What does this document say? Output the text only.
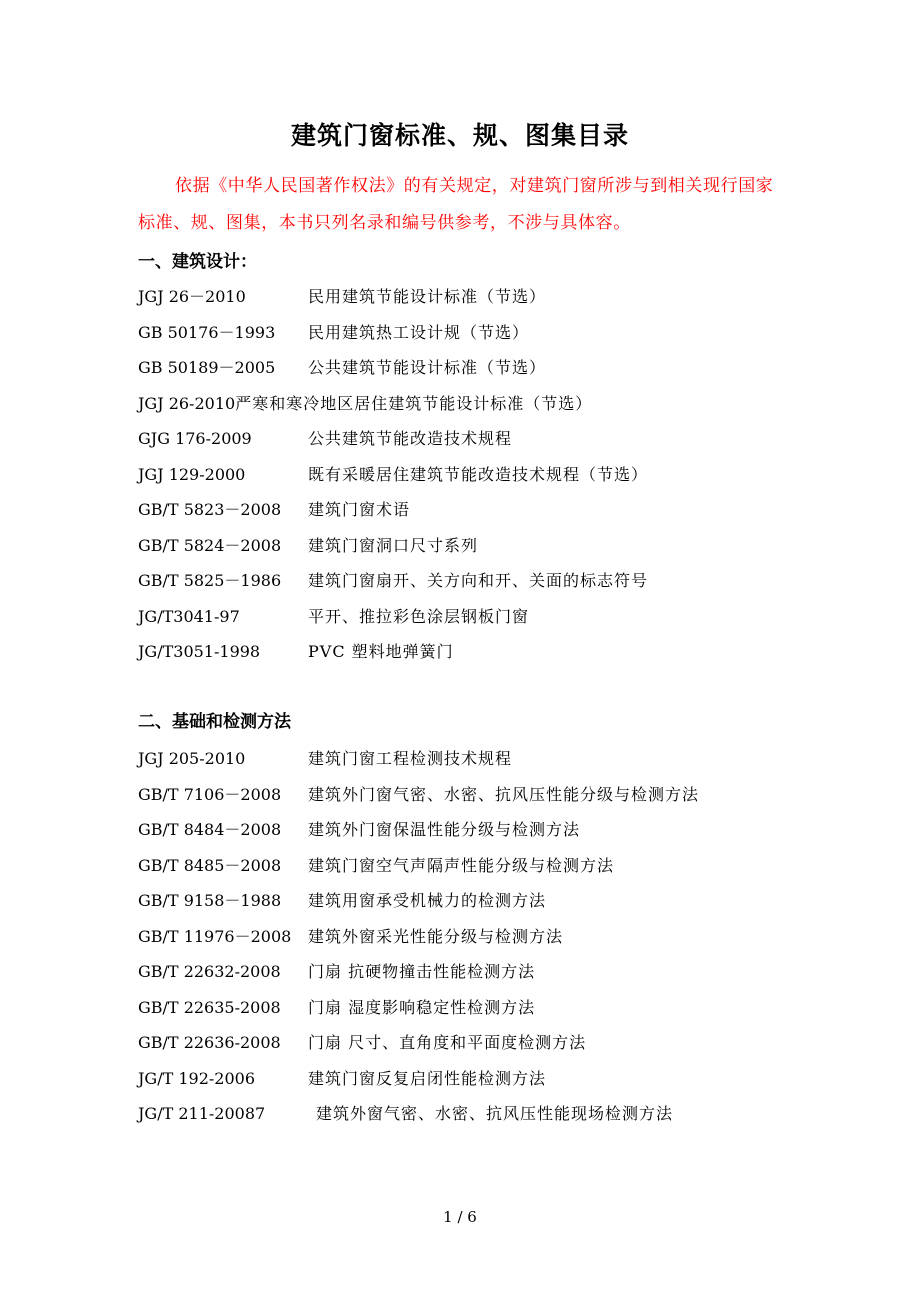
建筑门窗标准、规、图集目录

依据《中华人民国著作权法》的有关规定，对建筑门窗所涉与到相关现行国家标准、规、图集，本书只列名录和编号供参考，不涉与具体容。

一、建筑设计：
JGJ 26－2010	民用建筑节能设计标准（节选）
GB 50176－1993 民用建筑热工设计规（节选）
GB 50189－2005 公共建筑节能设计标准（节选）
JGJ 26-2010严寒和寒冷地区居住建筑节能设计标准（节选）
GJG 176-2009	公共建筑节能改造技术规程
JGJ 129-2000	既有采暖居住建筑节能改造技术规程（节选）
GB/T 5823－2008 建筑门窗术语
GB/T 5824－2008 建筑门窗洞口尺寸系列
GB/T 5825－1986 建筑门窗扇开、关方向和开、关面的标志符号
JG/T3041-97	平开、推拉彩色涂层钢板门窗
JG/T3051-1998	PVC 塑料地弹簧门
二、基础和检测方法
JGJ 205-2010	建筑门窗工程检测技术规程
GB/T 7106－2008 建筑外门窗气密、水密、抗风压性能分级与检测方法
GB/T 8484－2008 建筑外门窗保温性能分级与检测方法
GB/T 8485－2008 建筑门窗空气声隔声性能分级与检测方法
GB/T 9158－1988 建筑用窗承受机械力的检测方法
GB/T 11976－2008 建筑外窗采光性能分级与检测方法
GB/T 22632-2008 门扇 抗硬物撞击性能检测方法
GB/T 22635-2008 门扇 湿度影响稳定性检测方法
GB/T 22636-2008 门扇 尺寸、直角度和平面度检测方法
JG/T 192-2006	建筑门窗反复启闭性能检测方法
JG/T 211-20087	建筑外窗气密、水密、抗风压性能现场检测方法
1 / 6
